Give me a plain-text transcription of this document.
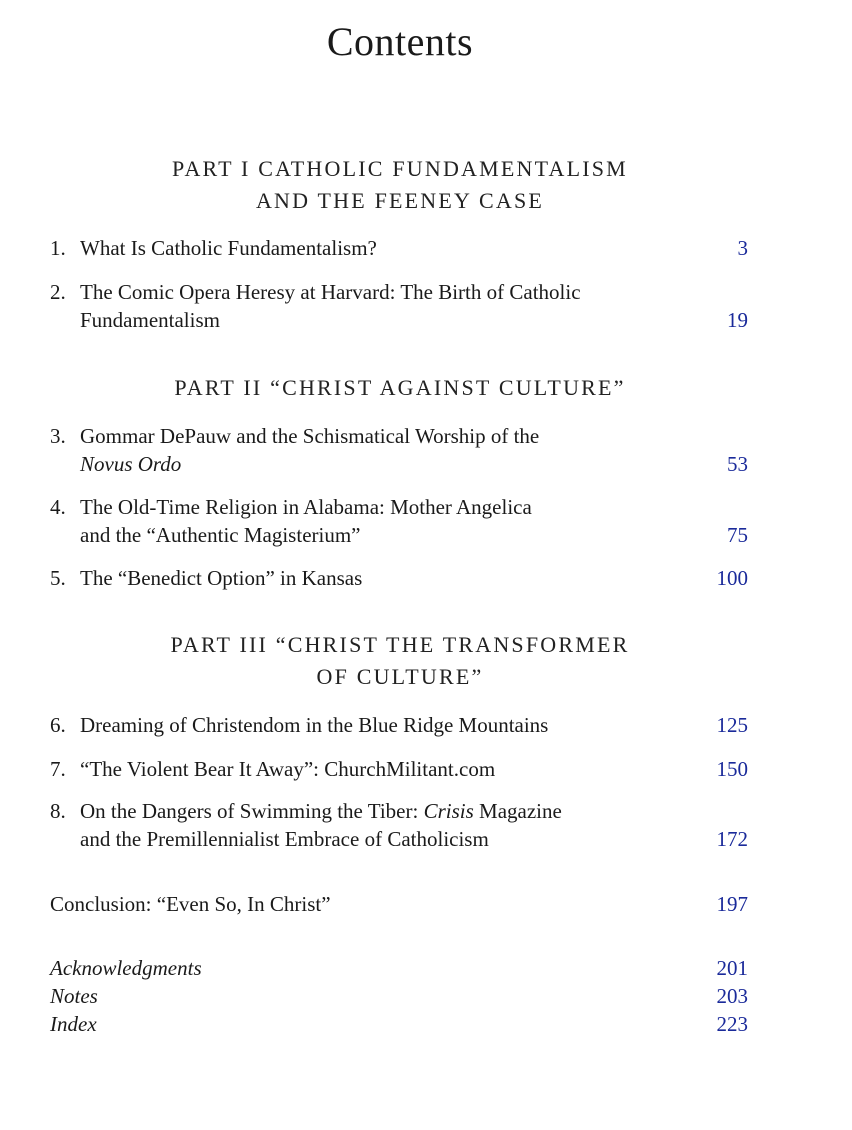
Contents
PART I CATHOLIC FUNDAMENTALISM
AND THE FEENEY CASE
1. What Is Catholic Fundamentalism?	3
2. The Comic Opera Heresy at Harvard: The Birth of Catholic
Fundamentalism	19
PART II “CHRIST AGAINST CULTURE”
3. Gommar DePauw and the Schismatical Worship of the
Novus Ordo	53
4. The Old-Time Religion in Alabama: Mother Angelica
and the “Authentic Magisterium”	75
5. The “Benedict Option” in Kansas	100
PART III “CHRIST THE TRANSFORMER
OF CULTURE”
6. Dreaming of Christendom in the Blue Ridge Mountains	125
7. “The Violent Bear It Away”: ChurchMilitant.com	150
8. On the Dangers of Swimming the Tiber: Crisis Magazine
and the Premillennialist Embrace of Catholicism	172
Conclusion: “Even So, In Christ”	197
Acknowledgments	201
Notes	203
Index	223
